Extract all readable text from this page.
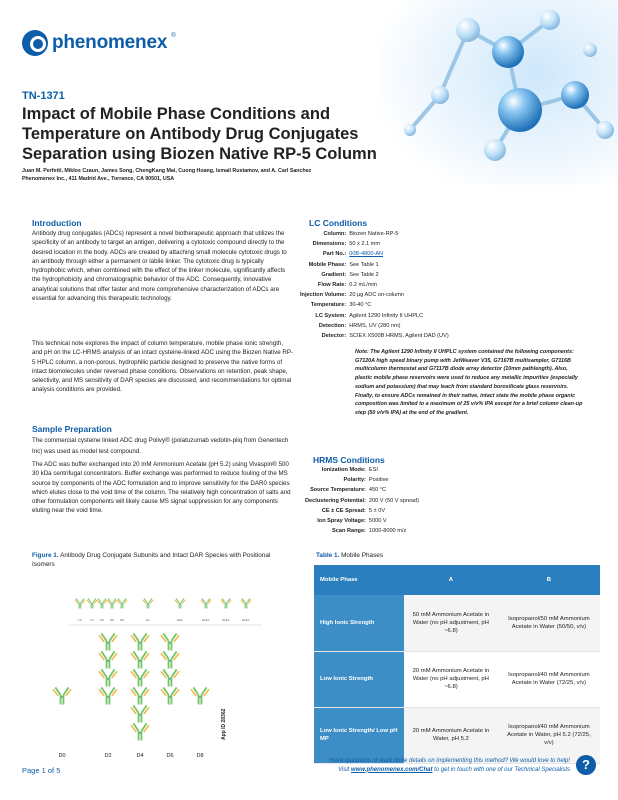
phenomenex ®
TN-1371
Impact of Mobile Phase Conditions and Temperature on Antibody Drug Conjugates Separation using Biozen Native RP-5 Column
Juan M. Perfetti, Miklos Czaun, James Song, ChengKang Mai, Cuong Hoang, Ismail Rustamov, and A. Carl Sanchez
Phenomenex Inc., 411 Madrid Ave., Torrance, CA 90501, USA
Introduction
Antibody drug conjugates (ADCs) represent a novel biotherapeutic approach that utilizes the specificity of an antibody to target an antigen, delivering a cytotoxic compound directly to the desired location in the body. ADCs are created by attaching small molecule cytotoxic drugs to an antibody through either a permanent or labile linker. The cytotoxic drug is typically hydrophobic which, when combined with the effect of the linker molecule, significantly affects the hydrophobicity and chromatographic behavior of the ADC. Consequently, innovative analytical solutions that offer faster and more comprehensive characterization of ADCs are essential for advancing this therapeutic technology.
This technical note explores the impact of column temperature, mobile phase ionic strength, and pH on the LC-HRMS analysis of an intact cysteine-linked ADC using the Biozen Native RP-5 HPLC column, a non-porous, hydrophilic particle designed to preserve the native forms of intact biomolecules under reversed phase conditions. Observations on retention, peak shape, selectivity, and MS sensitivity of DAR species are discussed, and recommendations for optimal analysis conditions are provided.
Sample Preparation
The commercial cysteine linked ADC drug Polivy® (polatuzumab vedotin-piiq from Genentech Inc) was used as model test compound.
The ADC was buffer exchanged into 20 mM Ammonium Acetate (pH 5.2) using Vivaspin® 500 30 kDa centrifugal concentrators. Buffer exchange was performed to reduce fouling of the MS source by components of the ADC formulation and to improve sensitivity for the DAR0 species which elutes close to the void time of the column. The relatively high concentration of salts and other formulation components will likely cause MS signal suppression for any components eluting near the void time.
LC Conditions
Column: Biozen Native-RP-5
Dimensions: 50 x 2.1 mm
Part No.: 00B-4800-AN
Mobile Phase: See Table 1
Gradient: See Table 2
Flow Rate: 0.2 mL/min
Injection Volume: 20 µg ADC on-column
Temperature: 30-40 °C
LC System: Agilent 1290 Infinity II UHPLC
Detection: HRMS, UV (280 nm)
Detector: SCIEX X500B HRMS, Agilent DAD (UV)
Note: The Agilent 1290 Infinity II UHPLC system contained the following components: G7120A high speed binary pump with JetWeaver V35, G7167B multisampler, G7116B multicolumn thermostat and G7117B diode array detector (10mm pathlength). Also, plastic mobile phase reservoirs were used to reduce any metallic impurities (especially sodium and potassium) that may leach from standard borosilicate glass reservoirs. Finally, to ensure ADCs remained in their native, intact state the mobile phase organic composition was limited to a maximum of 25 v/v% IPA except for a brief column clean-up step (50 v/v% IPA) at the end of the gradient.
HRMS Conditions
Ionization Mode: ESI
Polarity: Positive
Source Temperature: 450 °C
Declustering Potential: 200 V (50 V spread)
CE ± CE Spread: 5 ± 0V
Ion Spray Voltage: 5000 V
Scan Range: 1000-8000 m/z
Figure 1. Antibody Drug Conjugate Subunits and Intact DAR Species with Positional Isomers
LC	LC HC HC HC	HL	HHL	HHLL	HHLL	HHLL
D0	D2	D4	D6	D8
App ID 28362
Table 1. Mobile Phases
Mobile Phase	A	B
High Ionic Strength	50 mM Ammonium Acetate in Water (no pH adjustment, pH ~6.8)	Isopropanol/50 mM Ammonium Acetate in Water (50/50, v/v)
Low Ionic Strength	20 mM Ammonium Acetate in Water (no pH adjustment, pH ~6.8)	Isopropanol/40 mM Ammonium Acetate in Water (72/25, v/v)
Low Ionic Strength/ Low pH MP	20 mM Ammonium Acetate in Water, pH 5.2	Isopropanol/40 mM Ammonium Acetate in Water, pH 5.2 (72/25, v/v)
Page 1 of 5
Have questions or want more details on implementing this method? We would love to help!
Visit www.phenomenex.com/Chat to get in touch with one of our Technical Specialists ?
